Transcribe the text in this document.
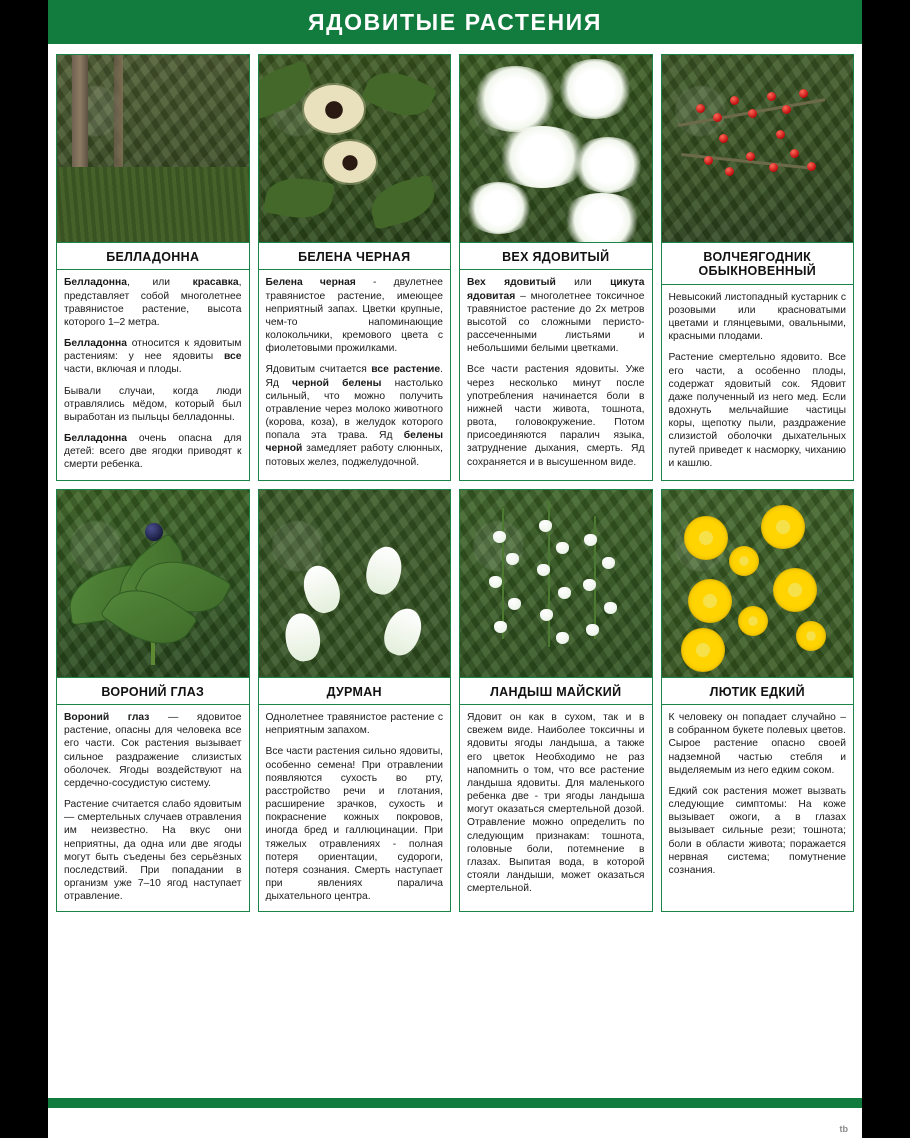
ЯДОВИТЫЕ РАСТЕНИЯ
БЕЛЛАДОННА

Белладонна, или красавка, представляет собой многолетнее травянистое растение, высота которого 1–2 метра.

Белладонна относится к ядовитым растениям: у нее ядовиты все части, включая и плоды.

Бывали случаи, когда люди отравлялись мёдом, который был выработан из пыльцы белладонны.

Белладонна очень опасна для детей: всего две ягодки приводят к смерти ребенка.

БЕЛЕНА ЧЕРНАЯ

Белена черная - двулетнее травянистое растение, имеющее неприятный запах. Цветки крупные, чем-то напоминающие колокольчики, кремового цвета с фиолетовыми прожилками.

Ядовитым считается все растение. Яд черной белены настолько сильный, что можно получить отравление через молоко животного (корова, коза), в желудок которого попала эта трава. Яд белены черной замедляет работу слюнных, потовых желез, поджелудочной.

ВЕХ ЯДОВИТЫЙ

Вех ядовитый или цикута ядовитая – многолетнее токсичное травянистое растение до 2х метров высотой со сложными перисто-рассеченными листьями и небольшими белыми цветками.

Все части растения ядовиты. Уже через несколько минут после употребления начинается боли в нижней части живота, тошнота, рвота, головокружение. Потом присоединяются паралич языка, затруднение дыхания, смерть. Яд сохраняется и в высушенном виде.

ВОЛЧЕЯГОДНИК ОБЫКНОВЕННЫЙ

Невысокий листопадный кустарник с розовыми или красноватыми цветами и глянцевыми, овальными, красными плодами.

Растение смертельно ядовито. Все его части, а особенно плоды, содержат ядовитый сок. Ядовит даже полученный из него мед. Если вдохнуть мельчайшие частицы коры, щепотку пыли, раздражение слизистой оболочки дыхательных путей приведет к насморку, чиханию и кашлю.

ВОРОНИЙ ГЛАЗ

Вороний глаз — ядовитое растение, опасны для человека все его части. Сок растения вызывает сильное раздражение слизистых оболочек. Ягоды воздействуют на сердечно-сосудистую систему.

Растение считается слабо ядовитым — смертельных случаев отравления им неизвестно. На вкус они неприятны, да одна или две ягоды могут быть съедены без серьёзных последствий. При попадании в организм уже 7–10 ягод наступает отравление.

ДУРМАН

Однолетнее травянистое растение с неприятным запахом.

Все части растения сильно ядовиты, особенно семена! При отравлении появляются сухость во рту, расстройство речи и глотания, расширение зрачков, сухость и покраснение кожных покровов, иногда бред и галлюцинации. При тяжелых отравлениях - полная потеря ориентации, судороги, потеря сознания. Смерть наступает при явлениях паралича дыхательного центра.

ЛАНДЫШ МАЙСКИЙ

Ядовит он как в сухом, так и в свежем виде. Наиболее токсичны и ядовиты ягоды ландыша, а также его цветок Необходимо не раз напомнить о том, что все растение ландыша ядовиты. Для маленького ребенка две - три ягоды ландыша могут оказаться смертельной дозой. Отравление можно определить по следующим признакам: тошнота, головные боли, потемнение в глазах. Выпитая вода, в которой стояли ландыши, может оказаться смертельной.

ЛЮТИК ЕДКИЙ

К человеку он попадает случайно – в собранном букете полевых цветов. Сырое растение опасно своей надземной частью стебля и выделяемым из него едким соком.

Едкий сок растения может вызвать следующие симптомы: На коже вызывает ожоги, а в глазах вызывает сильные рези; тошнота; боли в области живота; поражается нервная система; помутнение сознания.

tb
